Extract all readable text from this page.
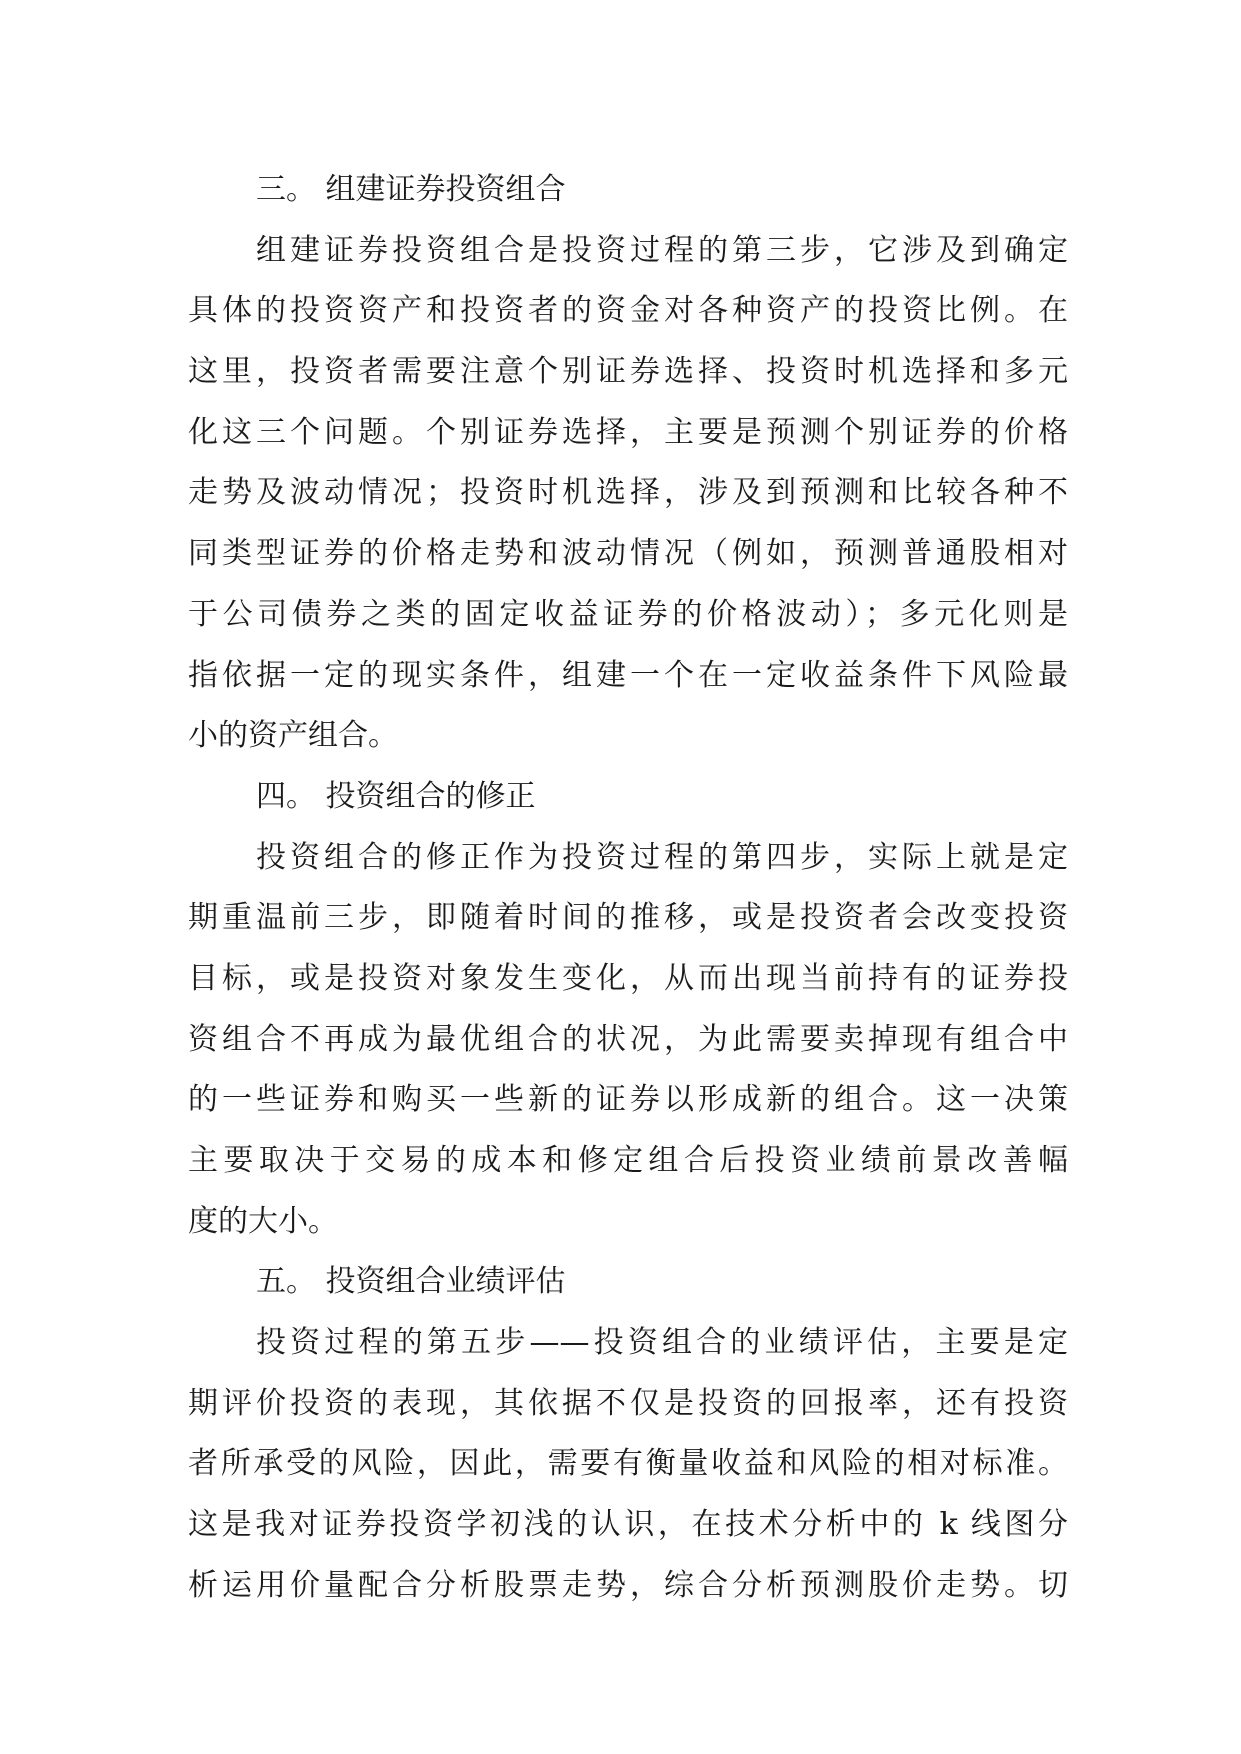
三。 组建证券投资组合
组建证券投资组合是投资过程的第三步，它涉及到确定
具体的投资资产和投资者的资金对各种资产的投资比例。在
这里，投资者需要注意个别证券选择、投资时机选择和多元
化这三个问题。个别证券选择，主要是预测个别证券的价格
走势及波动情况；投资时机选择，涉及到预测和比较各种不
同类型证券的价格走势和波动情况（例如，预测普通股相对
于公司债券之类的固定收益证券的价格波动）；多元化则是
指依据一定的现实条件，组建一个在一定收益条件下风险最
小的资产组合。
四。 投资组合的修正
投资组合的修正作为投资过程的第四步，实际上就是定
期重温前三步，即随着时间的推移，或是投资者会改变投资
目标，或是投资对象发生变化，从而出现当前持有的证券投
资组合不再成为最优组合的状况，为此需要卖掉现有组合中
的一些证券和购买一些新的证券以形成新的组合。这一决策
主要取决于交易的成本和修定组合后投资业绩前景改善幅
度的大小。
五。 投资组合业绩评估
投资过程的第五步——投资组合的业绩评估，主要是定
期评价投资的表现，其依据不仅是投资的回报率，还有投资
者所承受的风险，因此，需要有衡量收益和风险的相对标准。
这是我对证券投资学初浅的认识，在技术分析中的 k 线图分
析运用价量配合分析股票走势，综合分析预测股价走势。切
